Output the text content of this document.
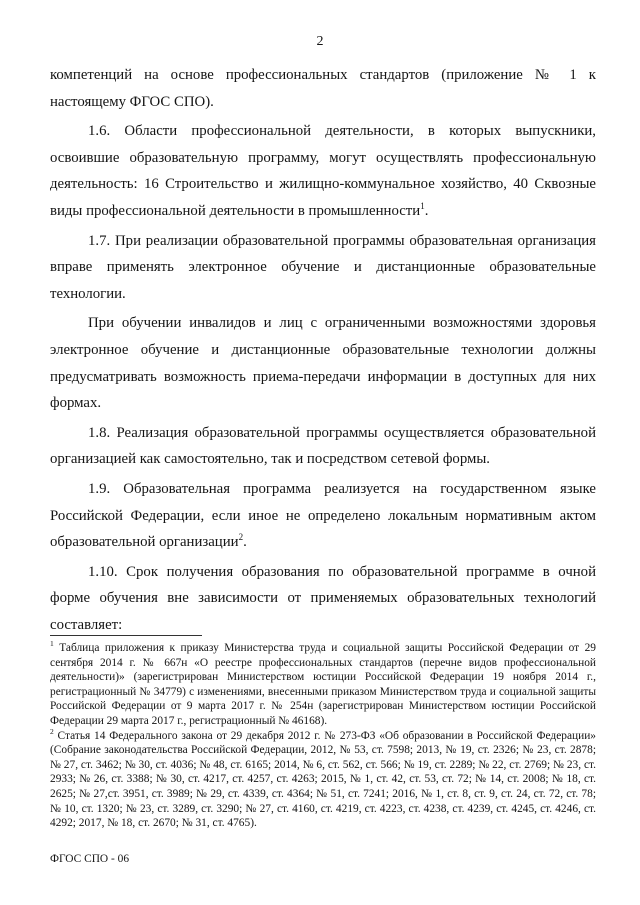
2

компетенций на основе профессиональных стандартов (приложение № 1 к настоящему ФГОС СПО).

1.6. Области профессиональной деятельности, в которых выпускники, освоившие образовательную программу, могут осуществлять профессиональную деятельность: 16 Строительство и жилищно-коммунальное хозяйство, 40 Сквозные виды профессиональной деятельности в промышленности$^1$.

1.7. При реализации образовательной программы образовательная организация вправе применять электронное обучение и дистанционные образовательные технологии.

При обучении инвалидов и лиц с ограниченными возможностями здоровья электронное обучение и дистанционные образовательные технологии должны предусматривать возможность приема-передачи информации в доступных для них формах.

1.8. Реализация образовательной программы осуществляется образовательной организацией как самостоятельно, так и посредством сетевой формы.

1.9. Образовательная программа реализуется на государственном языке Российской Федерации, если иное не определено локальным нормативным актом образовательной организации$^2$.

1.10. Срок получения образования по образовательной программе в очной форме обучения вне зависимости от применяемых образовательных технологий составляет:

$^1$ Таблица приложения к приказу Министерства труда и социальной защиты Российской Федерации от 29 сентября 2014 г. № 667н «О реестре профессиональных стандартов (перечне видов профессиональной деятельности)» (зарегистрирован Министерством юстиции Российской Федерации 19 ноября 2014 г., регистрационный № 34779) с изменениями, внесенными приказом Министерством труда и социальной защиты Российской Федерации от 9 марта 2017 г. № 254н (зарегистрирован Министерством юстиции Российской Федерации 29 марта 2017 г., регистрационный № 46168).

$^2$ Статья 14 Федерального закона от 29 декабря 2012 г. № 273-ФЗ «Об образовании в Российской Федерации» (Собрание законодательства Российской Федерации, 2012, № 53, ст. 7598; 2013, № 19, ст. 2326; № 23, ст. 2878; № 27, ст. 3462; № 30, ст. 4036; № 48, ст. 6165; 2014, № 6, ст. 562, ст. 566; № 19, ст. 2289; № 22, ст. 2769; № 23, ст. 2933; № 26, ст. 3388; № 30, ст. 4217, ст. 4257, ст. 4263; 2015, № 1, ст. 42, ст. 53, ст. 72; № 14, ст. 2008; № 18, ст. 2625; № 27,ст. 3951, ст. 3989; № 29, ст. 4339, ст. 4364; № 51, ст. 7241; 2016, № 1, ст. 8, ст. 9, ст. 24, ст. 72, ст. 78; № 10, ст. 1320; № 23, ст. 3289, ст. 3290; № 27, ст. 4160, ст. 4219, ст. 4223, ст. 4238, ст. 4239, ст. 4245, ст. 4246, ст. 4292; 2017, № 18, ст. 2670; № 31, ст. 4765).

ФГОС СПО - 06
